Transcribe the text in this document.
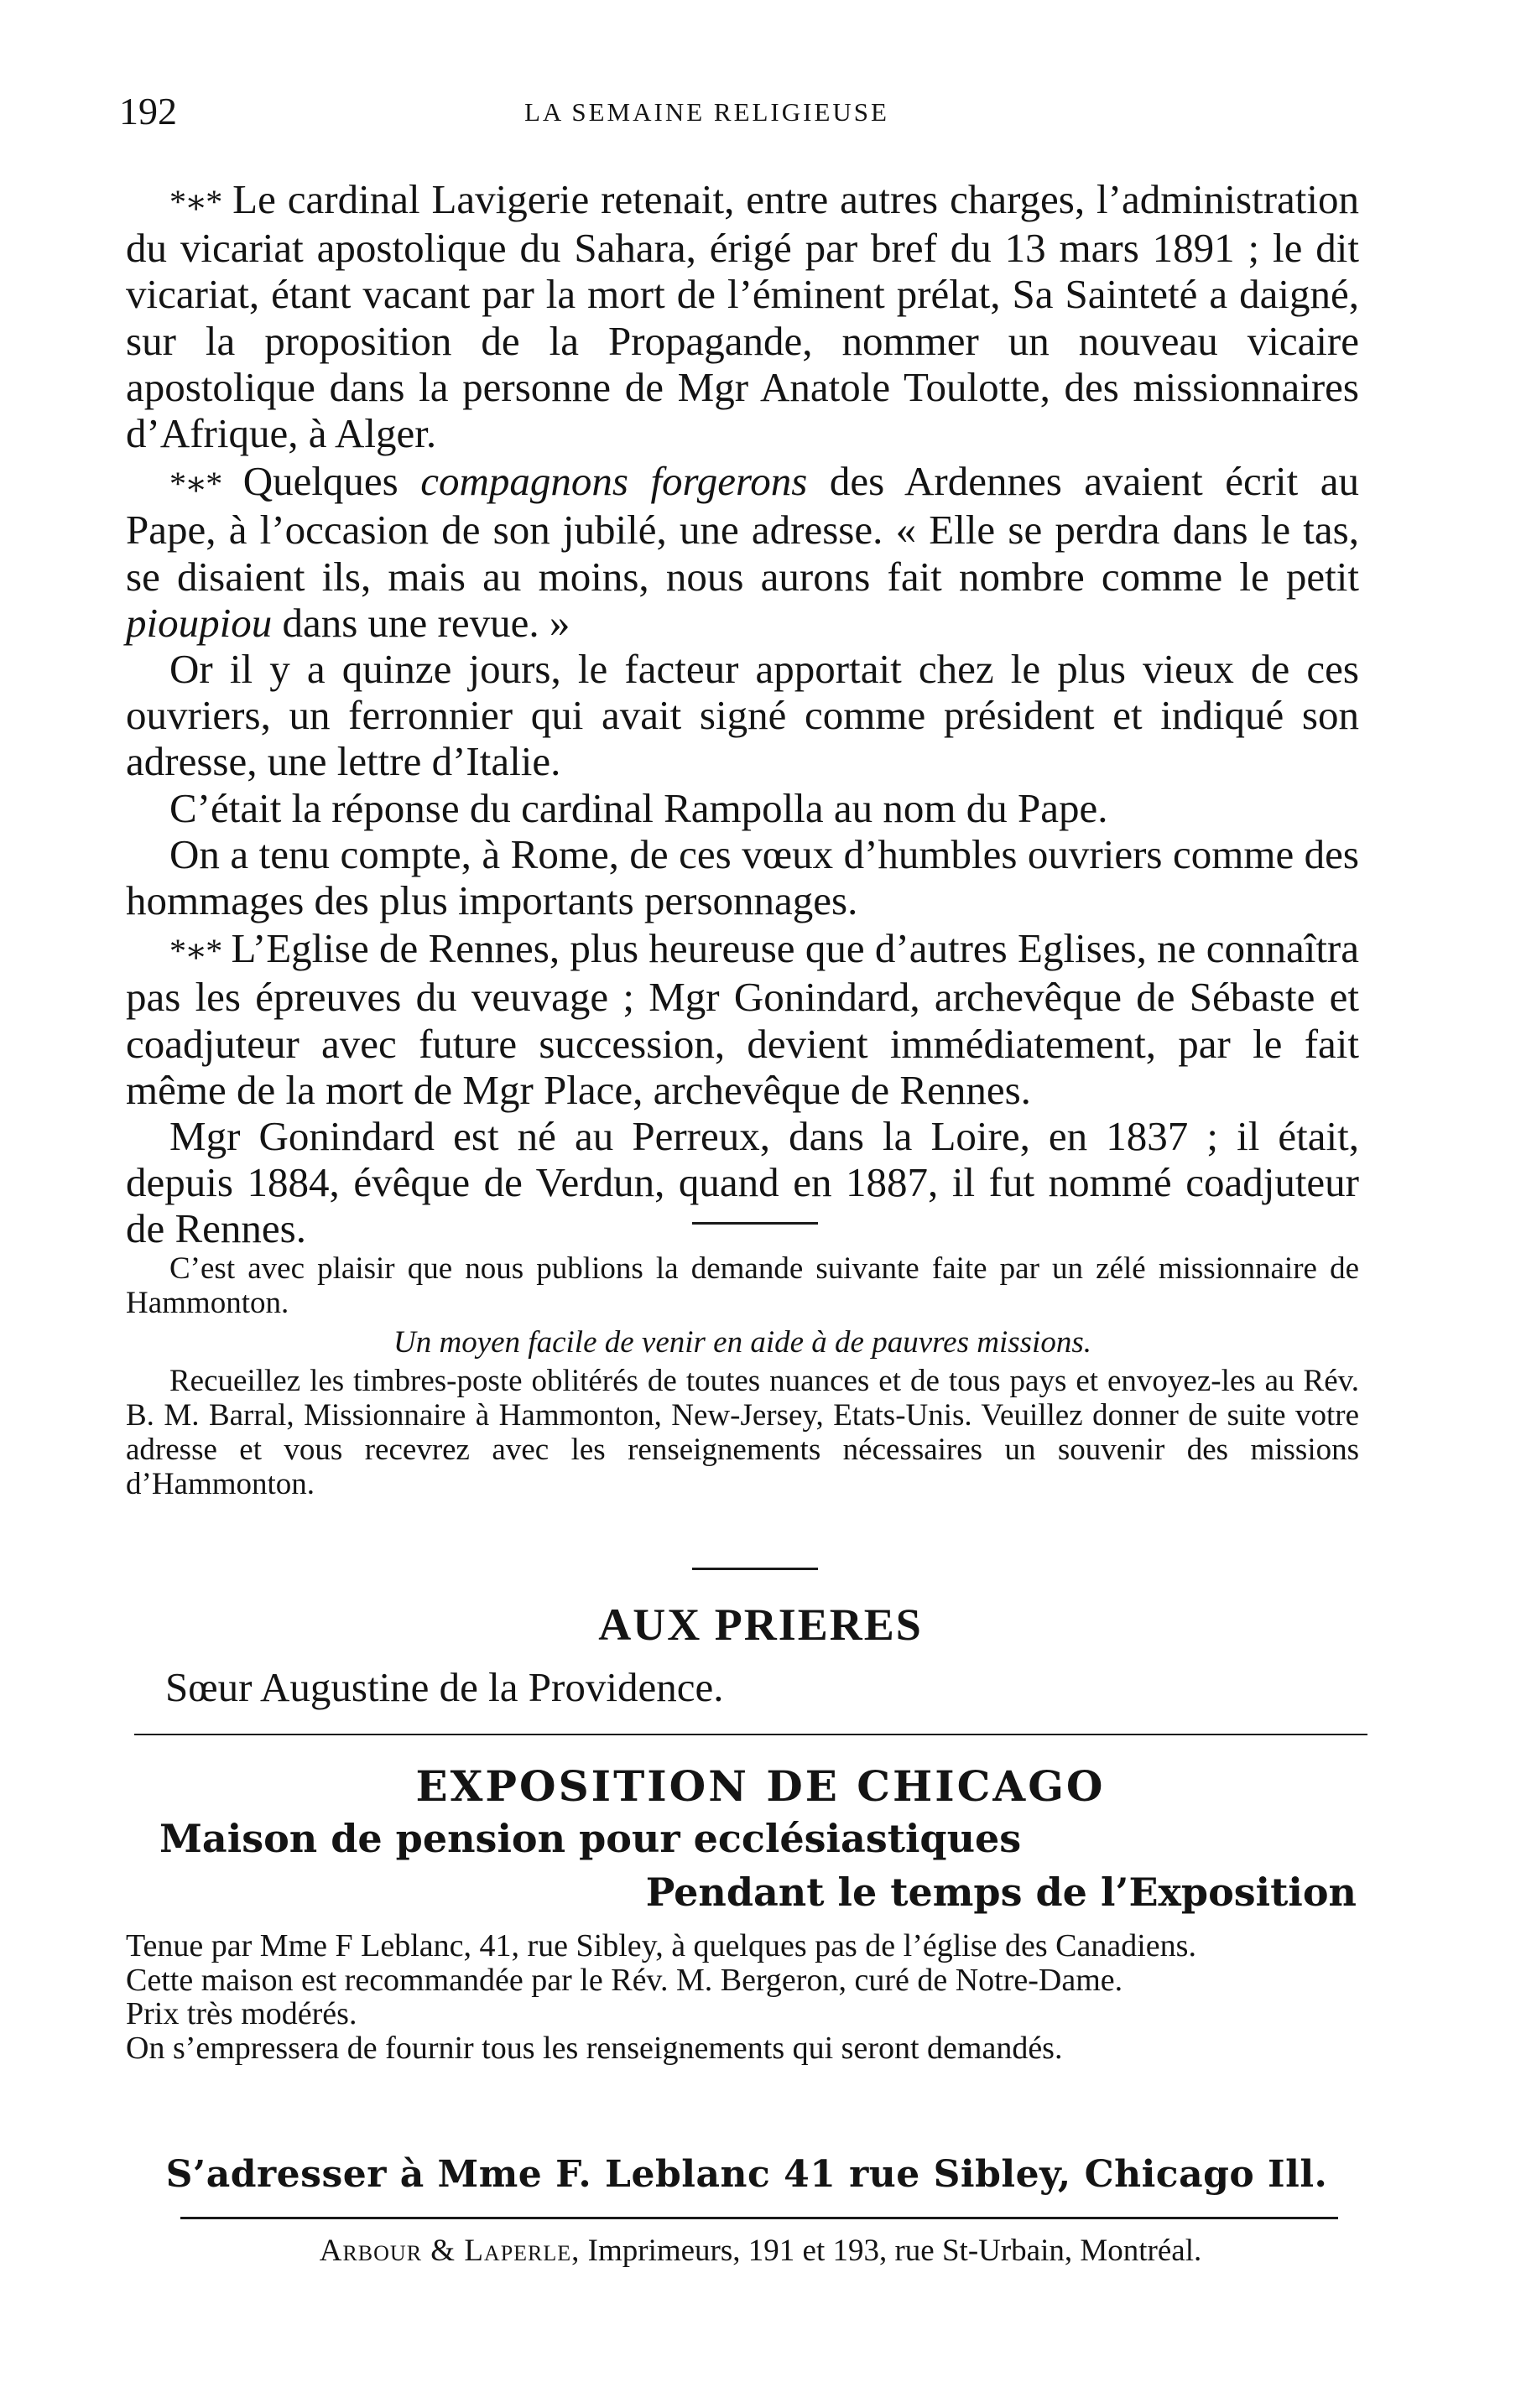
192	LA SEMAINE RELIGIEUSE

*∗* Le cardinal Lavigerie retenait, entre autres charges, l’administration du vicariat apostolique du Sahara, érigé par bref du 13 mars 1891 ; le dit vicariat, étant vacant par la mort de l’éminent prélat, Sa Sainteté a daigné, sur la proposition de la Propagande, nommer un nouveau vicaire apostolique dans la personne de Mgr Anatole Toulotte, des missionnaires d’Afrique, à Alger.

*∗* Quelques compagnons forgerons des Ardennes avaient écrit au Pape, à l’occasion de son jubilé, une adresse. « Elle se perdra dans le tas, se disaient ils, mais au moins, nous aurons fait nombre comme le petit pioupiou dans une revue. »

Or il y a quinze jours, le facteur apportait chez le plus vieux de ces ouvriers, un ferronnier qui avait signé comme président et indiqué son adresse, une lettre d’Italie.

C’était la réponse du cardinal Rampolla au nom du Pape.

On a tenu compte, à Rome, de ces vœux d’humbles ouvriers comme des hommages des plus importants personnages.

*∗* L’Eglise de Rennes, plus heureuse que d’autres Eglises, ne connaîtra pas les épreuves du veuvage ; Mgr Gonindard, archevêque de Sébaste et coadjuteur avec future succession, devient immédiatement, par le fait même de la mort de Mgr Place, archevêque de Rennes.

Mgr Gonindard est né au Perreux, dans la Loire, en 1837 ; il était, depuis 1884, évêque de Verdun, quand en 1887, il fut nommé coadjuteur de Rennes.

C’est avec plaisir que nous publions la demande suivante faite par un zélé missionnaire de Hammonton.

Un moyen facile de venir en aide à de pauvres missions.

Recueillez les timbres-poste oblitérés de toutes nuances et de tous pays et envoyez-les au Rév. B. M. Barral, Missionnaire à Hammonton, New-Jersey, Etats-Unis. Veuillez donner de suite votre adresse et vous recevrez avec les renseignements nécessaires un souvenir des missions d’Hammonton.

AUX PRIERES
Sœur Augustine de la Providence.
EXPOSITION DE CHICAGO
Maison de pension pour ecclésiastiques
Pendant le temps de l’Exposition

Tenue par Mme F Leblanc, 41, rue Sibley, à quelques pas de l’église des Canadiens.

Cette maison est recommandée par le Rév. M. Bergeron, curé de Notre-Dame.

Prix très modérés.

On s’empressera de fournir tous les renseignements qui seront demandés.

S’adresser à Mme F. Leblanc 41 rue Sibley, Chicago Ill.
Arbour & Laperle, Imprimeurs, 191 et 193, rue St-Urbain, Montréal.
